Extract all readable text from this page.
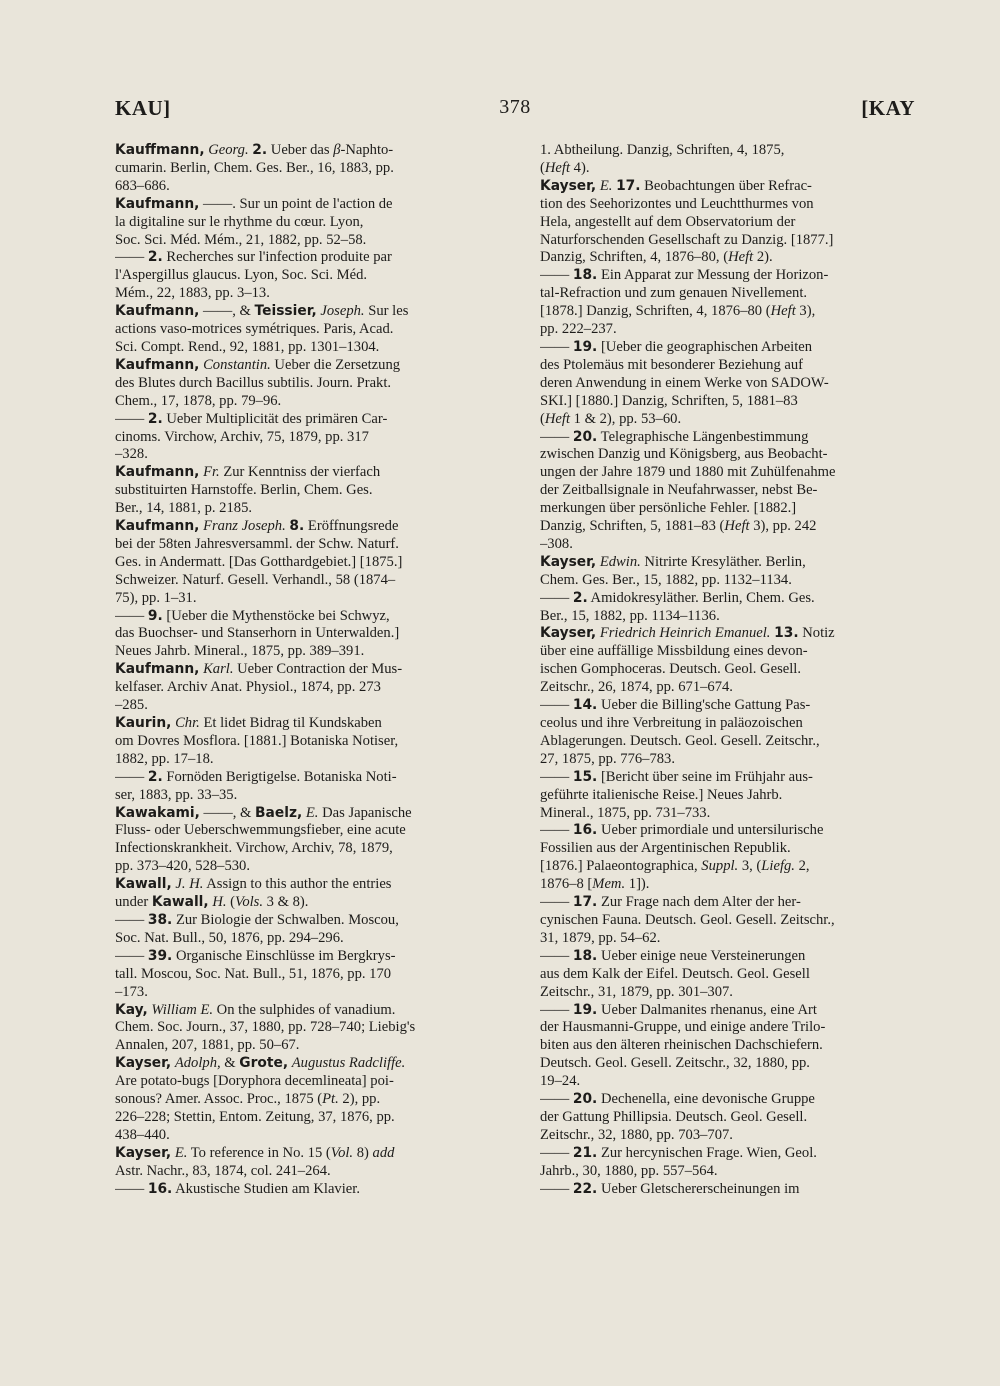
KAU]	378	[KAY
Kauffmann, Georg. 2. Ueber das β-Naphto-
cumarin. Berlin, Chem. Ges. Ber., 16, 1883, pp.
683–686.
Kaufmann, ——. Sur un point de l'action de
la digitaline sur le rhythme du cœur. Lyon,
Soc. Sci. Méd. Mém., 21, 1882, pp. 52–58.
—— 2. Recherches sur l'infection produite par
l'Aspergillus glaucus. Lyon, Soc. Sci. Méd.
Mém., 22, 1883, pp. 3–13.
Kaufmann, ——, & Teissier, Joseph. Sur les
actions vaso-motrices symétriques. Paris, Acad.
Sci. Compt. Rend., 92, 1881, pp. 1301–1304.
Kaufmann, Constantin. Ueber die Zersetzung
des Blutes durch Bacillus subtilis. Journ. Prakt.
Chem., 17, 1878, pp. 79–96.
—— 2. Ueber Multiplicität des primären Car-
cinoms. Virchow, Archiv, 75, 1879, pp. 317
–328.
Kaufmann, Fr. Zur Kenntniss der vierfach
substituirten Harnstoffe. Berlin, Chem. Ges.
Ber., 14, 1881, p. 2185.
Kaufmann, Franz Joseph. 8. Eröffnungsrede
bei der 58ten Jahresversamml. der Schw. Naturf.
Ges. in Andermatt. [Das Gotthardgebiet.] [1875.]
Schweizer. Naturf. Gesell. Verhandl., 58 (1874–
75), pp. 1–31.
—— 9. [Ueber die Mythenstöcke bei Schwyz,
das Buochser- und Stanserhorn in Unterwalden.]
Neues Jahrb. Mineral., 1875, pp. 389–391.
Kaufmann, Karl. Ueber Contraction der Mus-
kelfaser. Archiv Anat. Physiol., 1874, pp. 273
–285.
Kaurin, Chr. Et lidet Bidrag til Kundskaben
om Dovres Mosflora. [1881.] Botaniska Notiser,
1882, pp. 17–18.
—— 2. Fornöden Berigtigelse. Botaniska Noti-
ser, 1883, pp. 33–35.
Kawakami, ——, & Baelz, E. Das Japanische
Fluss- oder Ueberschwemmungsfieber, eine acute
Infectionskrankheit. Virchow, Archiv, 78, 1879,
pp. 373–420, 528–530.
Kawall, J. H. Assign to this author the entries
under Kawall, H. (Vols. 3 & 8).
—— 38. Zur Biologie der Schwalben. Moscou,
Soc. Nat. Bull., 50, 1876, pp. 294–296.
—— 39. Organische Einschlüsse im Bergkrys-
tall. Moscou, Soc. Nat. Bull., 51, 1876, pp. 170
–173.
Kay, William E. On the sulphides of vanadium.
Chem. Soc. Journ., 37, 1880, pp. 728–740; Liebig's
Annalen, 207, 1881, pp. 50–67.
Kayser, Adolph, & Grote, Augustus Radcliffe.
Are potato-bugs [Doryphora decemlineata] poi-
sonous? Amer. Assoc. Proc., 1875 (Pt. 2), pp.
226–228; Stettin, Entom. Zeitung, 37, 1876, pp.
438–440.
Kayser, E. To reference in No. 15 (Vol. 8) add
Astr. Nachr., 83, 1874, col. 241–264.
—— 16. Akustische Studien am Klavier.
1. Abtheilung. Danzig, Schriften, 4, 1875,
(Heft 4).
Kayser, E. 17. Beobachtungen über Refrac-
tion des Seehorizontes und Leuchtthurmes von
Hela, angestellt auf dem Observatorium der
Naturforschenden Gesellschaft zu Danzig. [1877.]
Danzig, Schriften, 4, 1876–80, (Heft 2).
—— 18. Ein Apparat zur Messung der Horizon-
tal-Refraction und zum genauen Nivellement.
[1878.] Danzig, Schriften, 4, 1876–80 (Heft 3),
pp. 222–237.
—— 19. [Ueber die geographischen Arbeiten
des Ptolemäus mit besonderer Beziehung auf
deren Anwendung in einem Werke von SADOW-
SKI.] [1880.] Danzig, Schriften, 5, 1881–83
(Heft 1 & 2), pp. 53–60.
—— 20. Telegraphische Längenbestimmung
zwischen Danzig und Königsberg, aus Beobacht-
ungen der Jahre 1879 und 1880 mit Zuhülfenahme
der Zeitballsignale in Neufahrwasser, nebst Be-
merkungen über persönliche Fehler. [1882.]
Danzig, Schriften, 5, 1881–83 (Heft 3), pp. 242
–308.
Kayser, Edwin. Nitrirte Kresyläther. Berlin,
Chem. Ges. Ber., 15, 1882, pp. 1132–1134.
—— 2. Amidokresyläther. Berlin, Chem. Ges.
Ber., 15, 1882, pp. 1134–1136.
Kayser, Friedrich Heinrich Emanuel. 13. Notiz
über eine auffällige Missbildung eines devon-
ischen Gomphoceras. Deutsch. Geol. Gesell.
Zeitschr., 26, 1874, pp. 671–674.
—— 14. Ueber die Billing'sche Gattung Pas-
ceolus und ihre Verbreitung in paläozoischen
Ablagerungen. Deutsch. Geol. Gesell. Zeitschr.,
27, 1875, pp. 776–783.
—— 15. [Bericht über seine im Frühjahr aus-
geführte italienische Reise.] Neues Jahrb.
Mineral., 1875, pp. 731–733.
—— 16. Ueber primordiale und untersilurische
Fossilien aus der Argentinischen Republik.
[1876.] Palaeontographica, Suppl. 3, (Liefg. 2,
1876–8 [Mem. 1]).
—— 17. Zur Frage nach dem Alter der her-
cynischen Fauna. Deutsch. Geol. Gesell. Zeitschr.,
31, 1879, pp. 54–62.
—— 18. Ueber einige neue Versteinerungen
aus dem Kalk der Eifel. Deutsch. Geol. Gesell
Zeitschr., 31, 1879, pp. 301–307.
—— 19. Ueber Dalmanites rhenanus, eine Art
der Hausmanni-Gruppe, und einige andere Trilo-
biten aus den älteren rheinischen Dachschiefern.
Deutsch. Geol. Gesell. Zeitschr., 32, 1880, pp.
19–24.
—— 20. Dechenella, eine devonische Gruppe
der Gattung Phillipsia. Deutsch. Geol. Gesell.
Zeitschr., 32, 1880, pp. 703–707.
—— 21. Zur hercynischen Frage. Wien, Geol.
Jahrb., 30, 1880, pp. 557–564.
—— 22. Ueber Gletschererscheinungen im
